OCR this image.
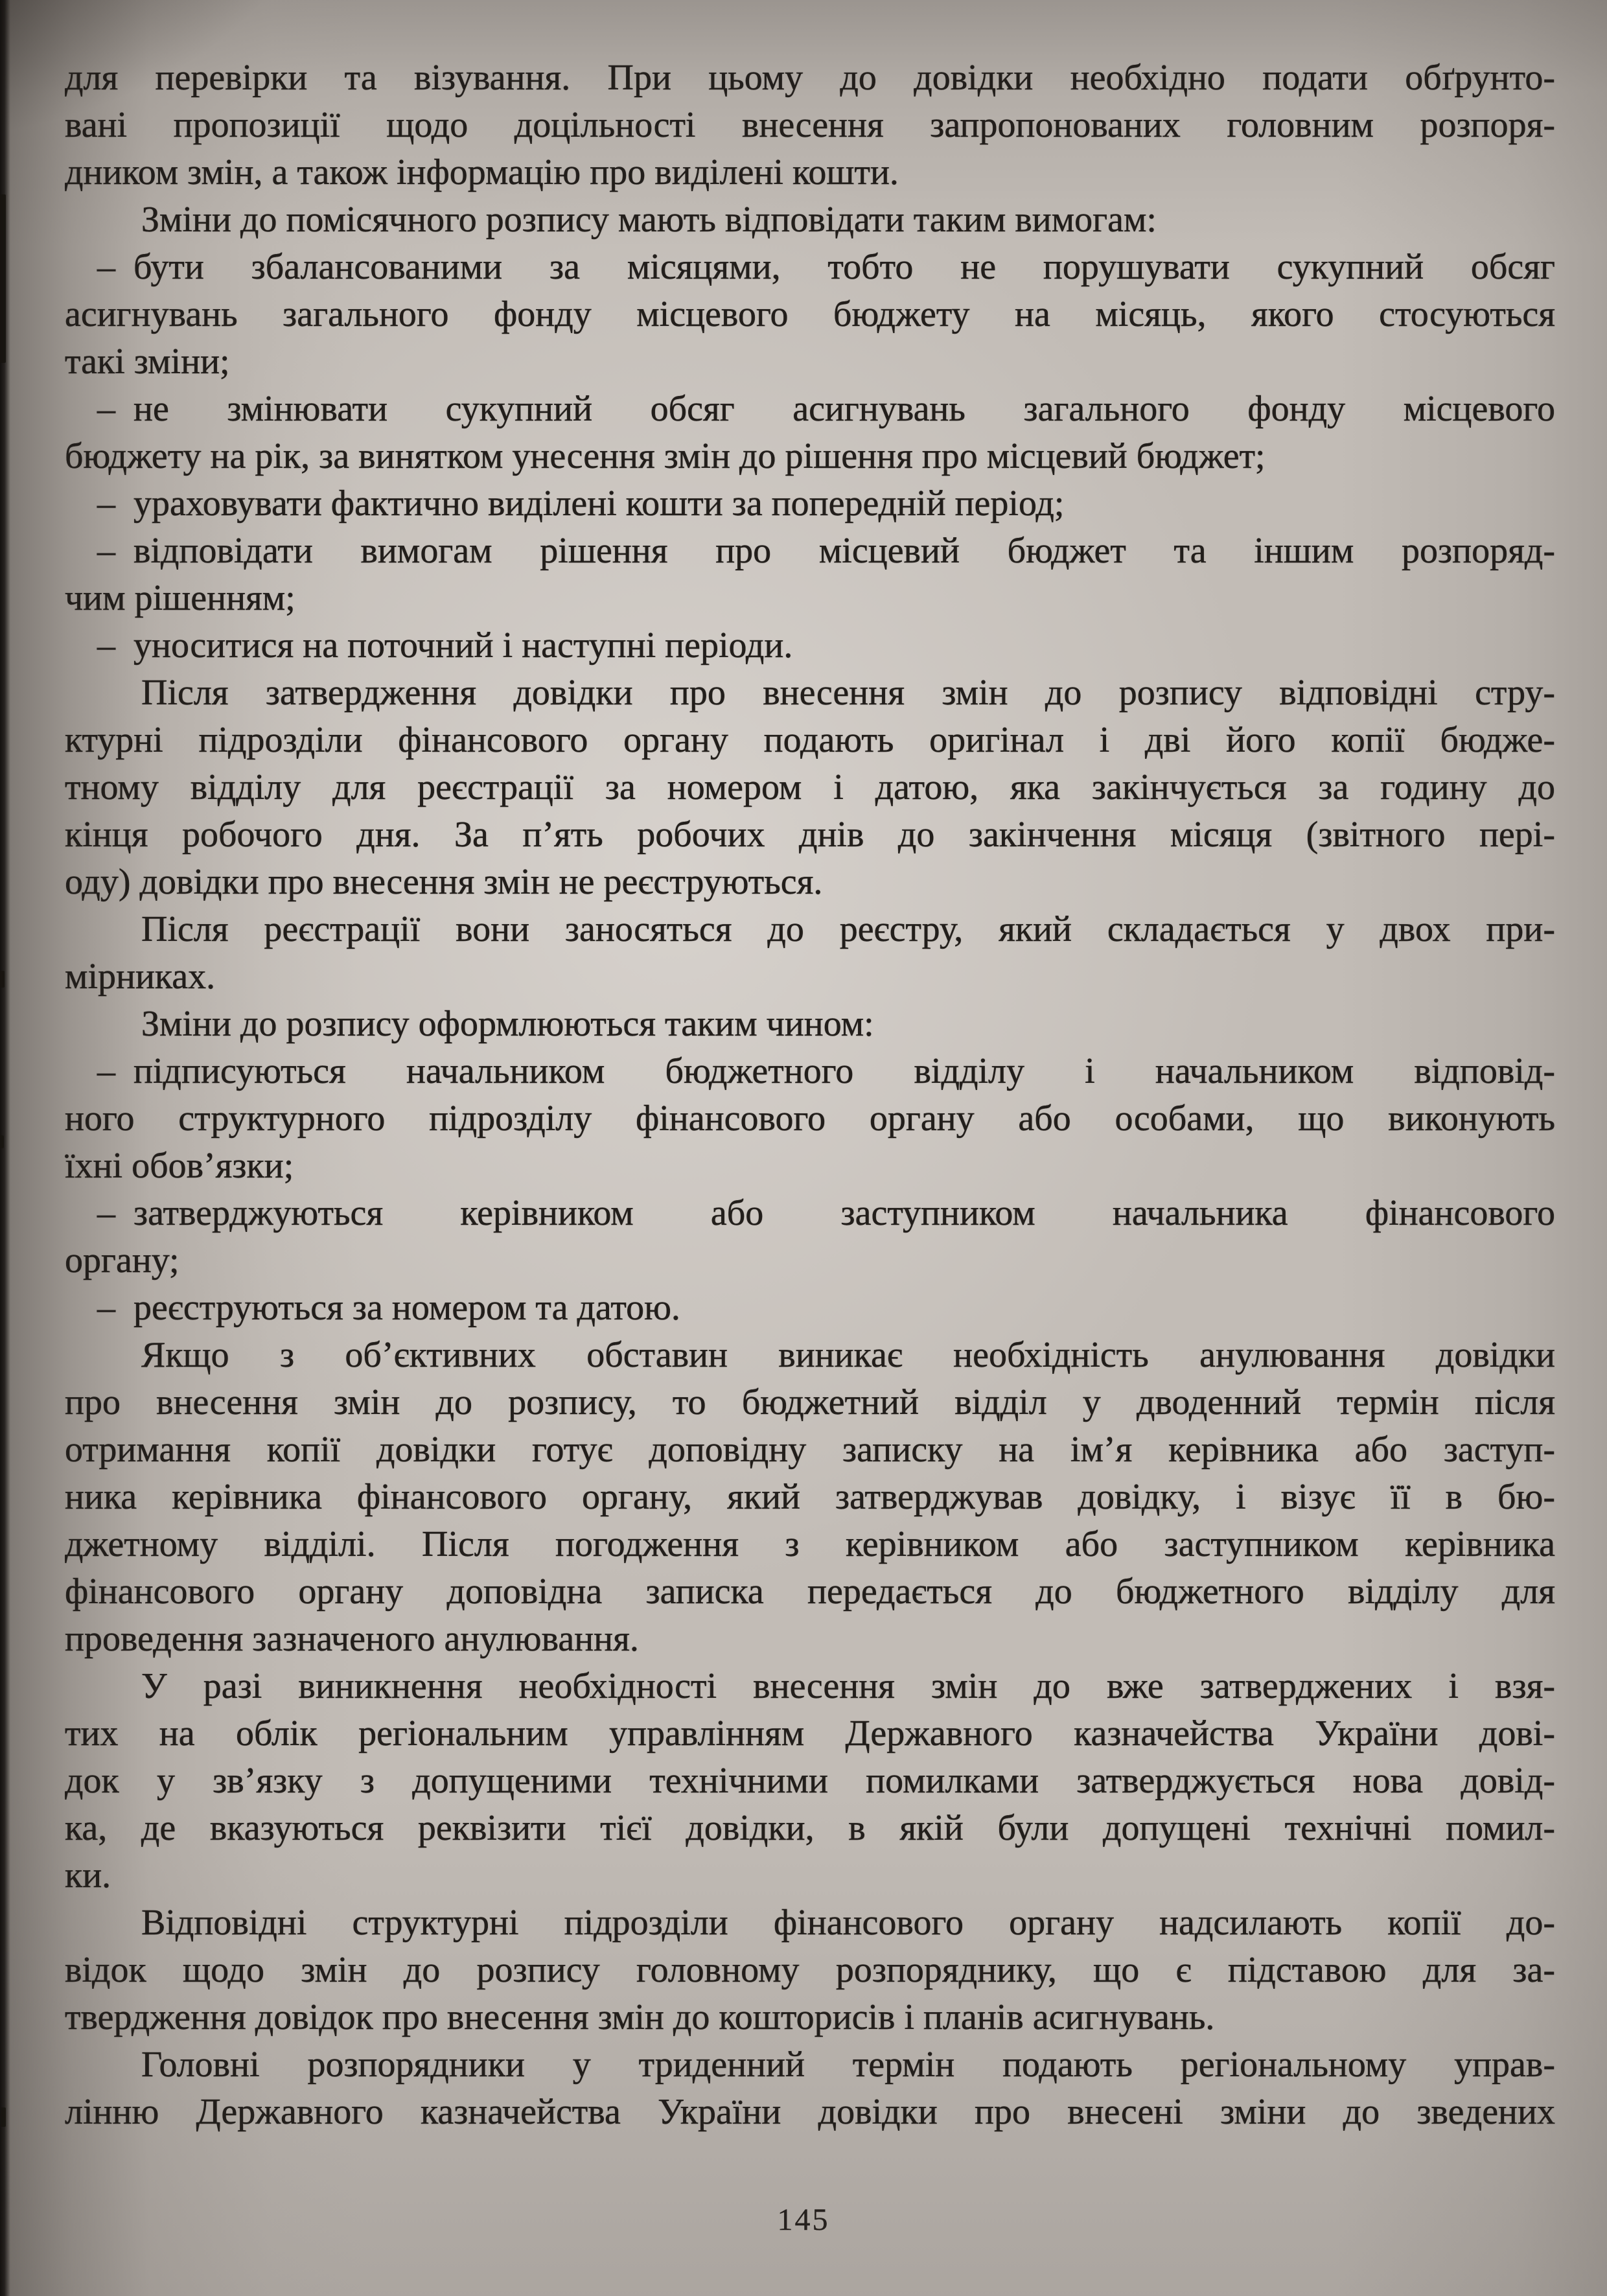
для перевірки та візування. При цьому до довідки необхідно подати обґрунто-
вані пропозиції щодо доцільності внесення запропонованих головним розпоря-
дником змін, а також інформацію про виділені кошти.
Зміни до помісячного розпису мають відповідати таким вимогам:
– бути збалансованими за місяцями, тобто не порушувати сукупний обсяг
асигнувань загального фонду місцевого бюджету на місяць, якого стосуються
такі зміни;
– не змінювати сукупний обсяг асигнувань загального фонду місцевого
бюджету на рік, за винятком унесення змін до рішення про місцевий бюджет;
– ураховувати фактично виділені кошти за попередній період;
– відповідати вимогам рішення про місцевий бюджет та іншим розпоряд-
чим рішенням;
– уноситися на поточний і наступні періоди.
Після затвердження довідки про внесення змін до розпису відповідні стру-
ктурні підрозділи фінансового органу подають оригінал і дві його копії бюдже-
тному відділу для реєстрації за номером і датою, яка закінчується за годину до
кінця робочого дня. За п’ять робочих днів до закінчення місяця (звітного пері-
оду) довідки про внесення змін не реєструються.
Після реєстрації вони заносяться до реєстру, який складається у двох при-
мірниках.
Зміни до розпису оформлюються таким чином:
– підписуються начальником бюджетного відділу і начальником відповід-
ного структурного підрозділу фінансового органу або особами, що виконують
їхні обов’язки;
– затверджуються керівником або заступником начальника фінансового
органу;
– реєструються за номером та датою.
Якщо з об’єктивних обставин виникає необхідність анулювання довідки
про внесення змін до розпису, то бюджетний відділ у дводенний термін після
отримання копії довідки готує доповідну записку на ім’я керівника або заступ-
ника керівника фінансового органу, який затверджував довідку, і візує її в бю-
джетному відділі. Після погодження з керівником або заступником керівника
фінансового органу доповідна записка передається до бюджетного відділу для
проведення зазначеного анулювання.
У разі виникнення необхідності внесення змін до вже затверджених і взя-
тих на облік регіональним управлінням Державного казначейства України дові-
док у зв’язку з допущеними технічними помилками затверджується нова довід-
ка, де вказуються реквізити тієї довідки, в якій були допущені технічні помил-
ки.
Відповідні структурні підрозділи фінансового органу надсилають копії до-
відок щодо змін до розпису головному розпоряднику, що є підставою для за-
твердження довідок про внесення змін до кошторисів і планів асигнувань.
Головні розпорядники у триденний термін подають регіональному управ-
лінню Державного казначейства України довідки про внесені зміни до зведених
145
